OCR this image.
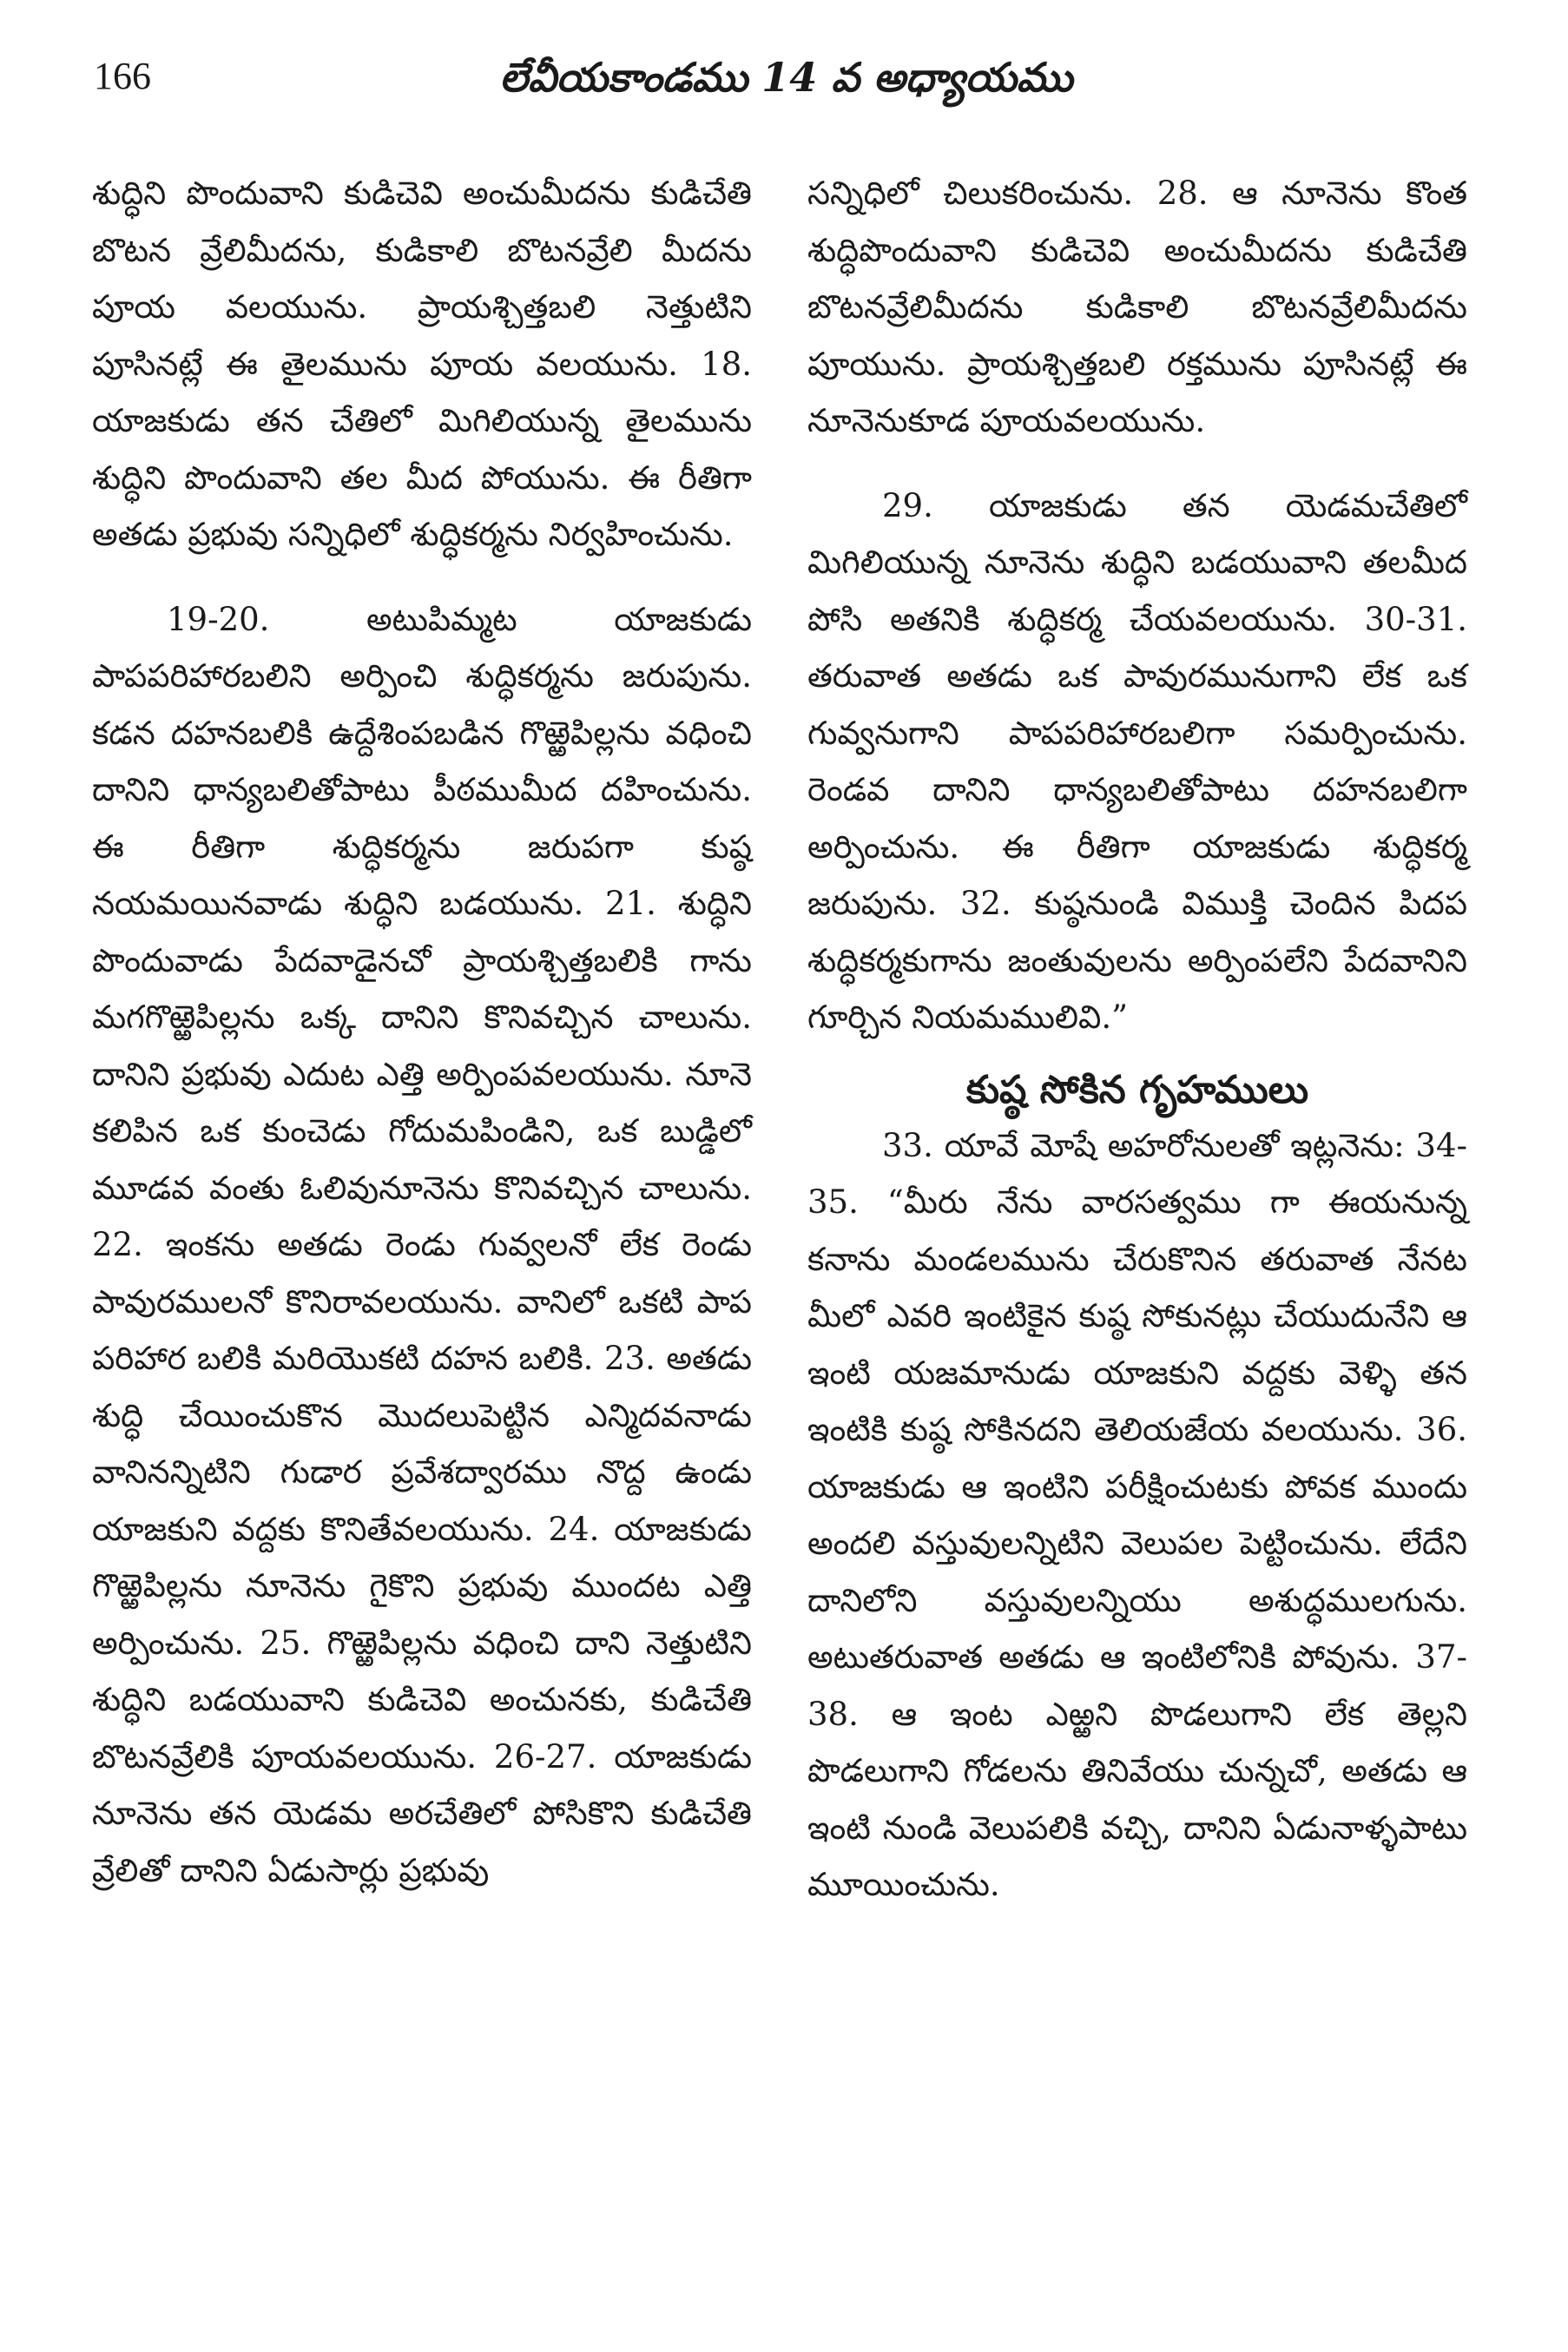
166	లేవీయకాండము 14 వ అధ్యాయము

శుద్ధిని పొందువాని కుడిచెవి అంచుమీదను కుడిచేతి బొటన వ్రేలిమీదను, కుడికాలి బొటనవ్రేలి మీదను పూయ వలయును. ప్రాయశ్చిత్తబలి నెత్తుటిని పూసినట్లే ఈ తైలమును పూయ వలయును. 18. యాజకుడు తన చేతిలో మిగిలియున్న తైలమును శుద్ధిని పొందువాని తల మీద పోయును. ఈ రీతిగా అతడు ప్రభువు సన్నిధిలో శుద్ధికర్మను నిర్వహించును.

19-20. అటుపిమ్మట యాజకుడు పాపపరిహారబలిని అర్పించి శుద్ధికర్మను జరుపును. కడన దహనబలికి ఉద్దేశింపబడిన గొఱ్ఱెపిల్లను వధించి దానిని ధాన్యబలితోపాటు పీఠముమీద దహించును. ఈ రీతిగా శుద్ధికర్మను జరుపగా కుష్ఠ నయమయినవాడు శుద్ధిని బడయును. 21. శుద్ధిని పొందువాడు పేదవాడైనచో ప్రాయశ్చిత్తబలికి గాను మగగొఱ్ఱెపిల్లను ఒక్క దానిని కొనివచ్చిన చాలును. దానిని ప్రభువు ఎదుట ఎత్తి అర్పింపవలయును. నూనె కలిపిన ఒక కుంచెడు గోదుమపిండిని, ఒక బుడ్డిలో మూడవ వంతు ఓలివునూనెను కొనివచ్చిన చాలును. 22. ఇంకను అతడు రెండు గువ్వలనో లేక రెండు పావురములనో కొనిరావలయును. వానిలో ఒకటి పాప పరిహార బలికి మరియొకటి దహన బలికి. 23. అతడు శుద్ధి చేయించుకొన మొదలుపెట్టిన ఎన్మిదవనాడు వానినన్నిటిని గుడార ప్రవేశద్వారము నొద్ద ఉండు యాజకుని వద్దకు కొనితేవలయును. 24. యాజకుడు గొఱ్ఱెపిల్లను నూనెను గైకొని ప్రభువు ముందట ఎత్తి అర్పించును. 25. గొఱ్ఱెపిల్లను వధించి దాని నెత్తుటిని శుద్ధిని బడయువాని కుడిచెవి అంచునకు, కుడిచేతి బొటనవ్రేలికి పూయవలయును. 26-27. యాజకుడు నూనెను తన యెడమ అరచేతిలో పోసికొని కుడిచేతి వ్రేలితో దానిని ఏడుసార్లు ప్రభువు

సన్నిధిలో చిలుకరించును. 28. ఆ నూనెను కొంత శుద్ధిపొందువాని కుడిచెవి అంచుమీదను కుడిచేతి బొటనవ్రేలిమీదను కుడికాలి బొటనవ్రేలిమీదను పూయును. ప్రాయశ్చిత్తబలి రక్తమును పూసినట్లే ఈ నూనెనుకూడ పూయవలయును.

29. యాజకుడు తన యెడమచేతిలో మిగిలియున్న నూనెను శుద్ధిని బడయువాని తలమీద పోసి అతనికి శుద్ధికర్మ చేయవలయును. 30-31. తరువాత అతడు ఒక పావురమునుగాని లేక ఒక గువ్వనుగాని పాపపరిహారబలిగా సమర్పించును. రెండవ దానిని ధాన్యబలితోపాటు దహనబలిగా అర్పించును. ఈ రీతిగా యాజకుడు శుద్ధికర్మ జరుపును. 32. కుష్ఠనుండి విముక్తి చెందిన పిదప శుద్ధికర్మకుగాను జంతువులను అర్పింపలేని పేదవానిని గూర్చిన నియమములివి.”

కుష్ఠ సోకిన గృహములు

33. యావే మోషే అహరోనులతో ఇట్లనెను: 34-35. “మీరు నేను వారసత్వము గా ఈయనున్న కనాను మండలమును చేరుకొనిన తరువాత నేనట మీలో ఎవరి ఇంటికైన కుష్ఠ సోకునట్లు చేయుదునేని ఆ ఇంటి యజమానుడు యాజకుని వద్దకు వెళ్ళి తన ఇంటికి కుష్ఠ సోకినదని తెలియజేయ వలయును. 36. యాజకుడు ఆ ఇంటిని పరీక్షించుటకు పోవక ముందు అందలి వస్తువులన్నిటిని వెలుపల పెట్టించును. లేదేని దానిలోని వస్తువులన్నియు అశుద్ధములగును. అటుతరువాత అతడు ఆ ఇంటిలోనికి పోవును. 37-38. ఆ ఇంట ఎఱ్ఱని పొడలుగాని లేక తెల్లని పొడలుగాని గోడలను తినివేయు చున్నచో, అతడు ఆ ఇంటి నుండి వెలుపలికి వచ్చి, దానిని ఏడునాళ్ళపాటు మూయించును.
